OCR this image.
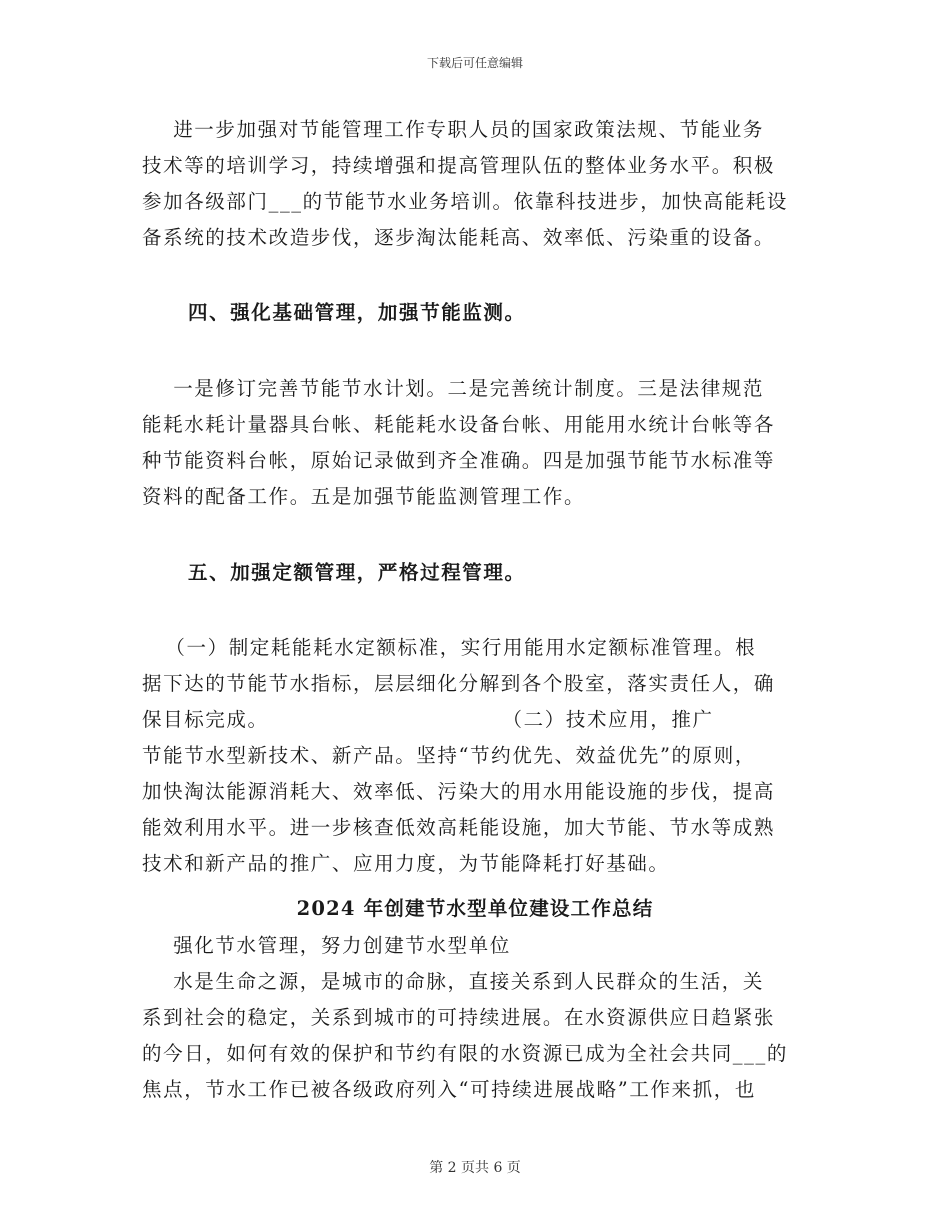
下载后可任意编辑
进一步加强对节能管理工作专职人员的国家政策法规、节能业务
技术等的培训学习，持续增强和提高管理队伍的整体业务水平。积极
参加各级部门___的节能节水业务培训。依靠科技进步，加快高能耗设
备系统的技术改造步伐，逐步淘汰能耗高、效率低、污染重的设备。
四、强化基础管理，加强节能监测。
一是修订完善节能节水计划。二是完善统计制度。三是法律规范
能耗水耗计量器具台帐、耗能耗水设备台帐、用能用水统计台帐等各
种节能资料台帐，原始记录做到齐全准确。四是加强节能节水标准等
资料的配备工作。五是加强节能监测管理工作。
五、加强定额管理，严格过程管理。
（一）制定耗能耗水定额标准，实行用能用水定额标准管理。根
据下达的节能节水指标，层层细化分解到各个股室，落实责任人，确
保目标完成。                              （二）技术应用，推广
节能节水型新技术、新产品。坚持“节约优先、效益优先”的原则，
加快淘汰能源消耗大、效率低、污染大的用水用能设施的步伐，提高
能效利用水平。进一步核查低效高耗能设施，加大节能、节水等成熟
技术和新产品的推广、应用力度，为节能降耗打好基础。
2024 年创建节水型单位建设工作总结
强化节水管理，努力创建节水型单位
水是生命之源，是城市的命脉，直接关系到人民群众的生活，关
系到社会的稳定，关系到城市的可持续进展。在水资源供应日趋紧张
的今日，如何有效的保护和节约有限的水资源已成为全社会共同___的
焦点，节水工作已被各级政府列入“可持续进展战略”工作来抓，也
第 2 页共 6 页
